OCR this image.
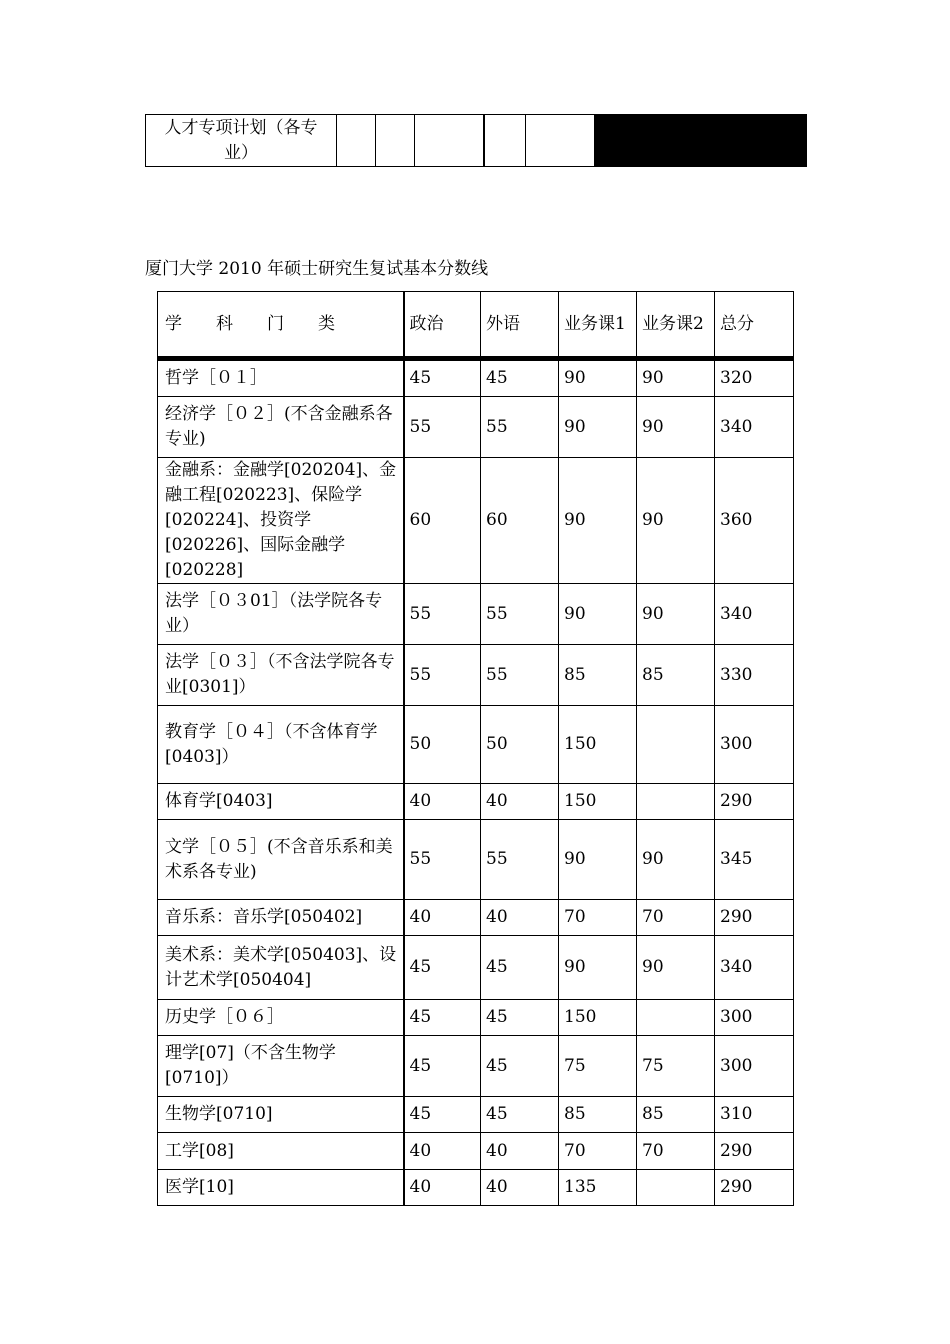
人才专项计划（各专业）						
厦门大学 2010 年硕士研究生复试基本分数线
学　　科　　门　　类	政治	外语	业务课1	业务课2	总分
哲学［０１］	45	45	90	90	320
经济学［０２］(不含金融系各专业)	55	55	90	90	340
金融系：金融学[020204]、金融工程[020223]、保险学[020224]、投资学[020226]、国际金融学[020228]	60	60	90	90	360
法学［０３01］（法学院各专业）	55	55	90	90	340
法学［０３］（不含法学院各专业[0301]）	55	55	85	85	330
教育学［０４］（不含体育学[0403]）	50	50	150		300
体育学[0403]	40	40	150		290
文学［０５］(不含音乐系和美术系各专业)	55	55	90	90	345
音乐系：音乐学[050402]	40	40	70	70	290
美术系：美术学[050403]、设计艺术学[050404]	45	45	90	90	340
历史学［０６］	45	45	150		300
理学[07]（不含生物学[0710]）	45	45	75	75	300
生物学[0710]	45	45	85	85	310
工学[08]	40	40	70	70	290
医学[10]	40	40	135		290
